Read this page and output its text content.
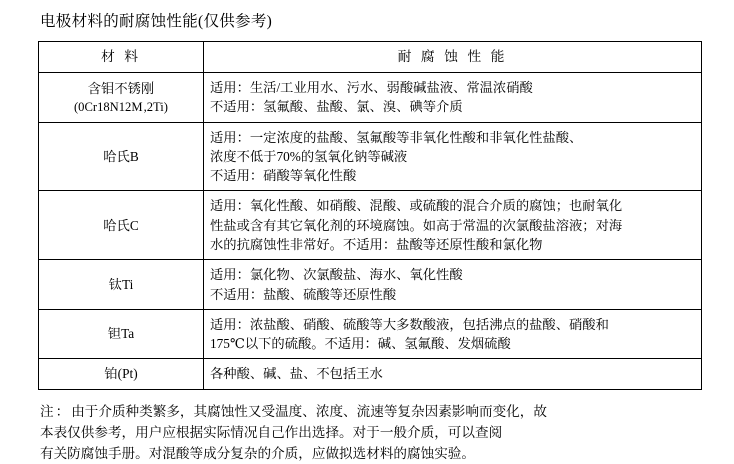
电极材料的耐腐蚀性能(仅供参考)
材 料	耐 腐 蚀 性 能
含钼不锈刚
(0Cr18N12M ,2Ti)	适用：生活/工业用水、污水、弱酸碱盐液、常温浓硝酸
不适用：氢氟酸、盐酸、氯、溴、碘等介质

哈氏B	适用：一定浓度的盐酸、氢氟酸等非氧化性酸和非氧化性盐酸、
浓度不低于70%的氢氧化钠等碱液
不适用：硝酸等氧化性酸

哈氏C	适用：氧化性酸、如硝酸、混酸、或硫酸的混合介质的腐蚀；也耐氧化
性盐或含有其它氧化剂的环境腐蚀。如高于常温的次氯酸盐溶液；对海
水的抗腐蚀性非常好。不适用：盐酸等还原性酸和氯化物

钛Ti	适用：氯化物、次氯酸盐、海水、氧化性酸
不适用：盐酸、硫酸等还原性酸

钽Ta	适用：浓盐酸、硝酸、硫酸等大多数酸液，包括沸点的盐酸、硝酸和
175℃以下的硫酸。不适用：碱、氢氟酸、发烟硫酸

铂(Pt)	各种酸、碱、盐、不包括王水
注：由于介质种类繁多，其腐蚀性又受温度、浓度、流速等复杂因素影响而变化，故
本表仅供参考，用户应根据实际情况自己作出选择。对于一般介质，可以查阅
有关防腐蚀手册。对混酸等成分复杂的介质，应做拟选材料的腐蚀实验。
